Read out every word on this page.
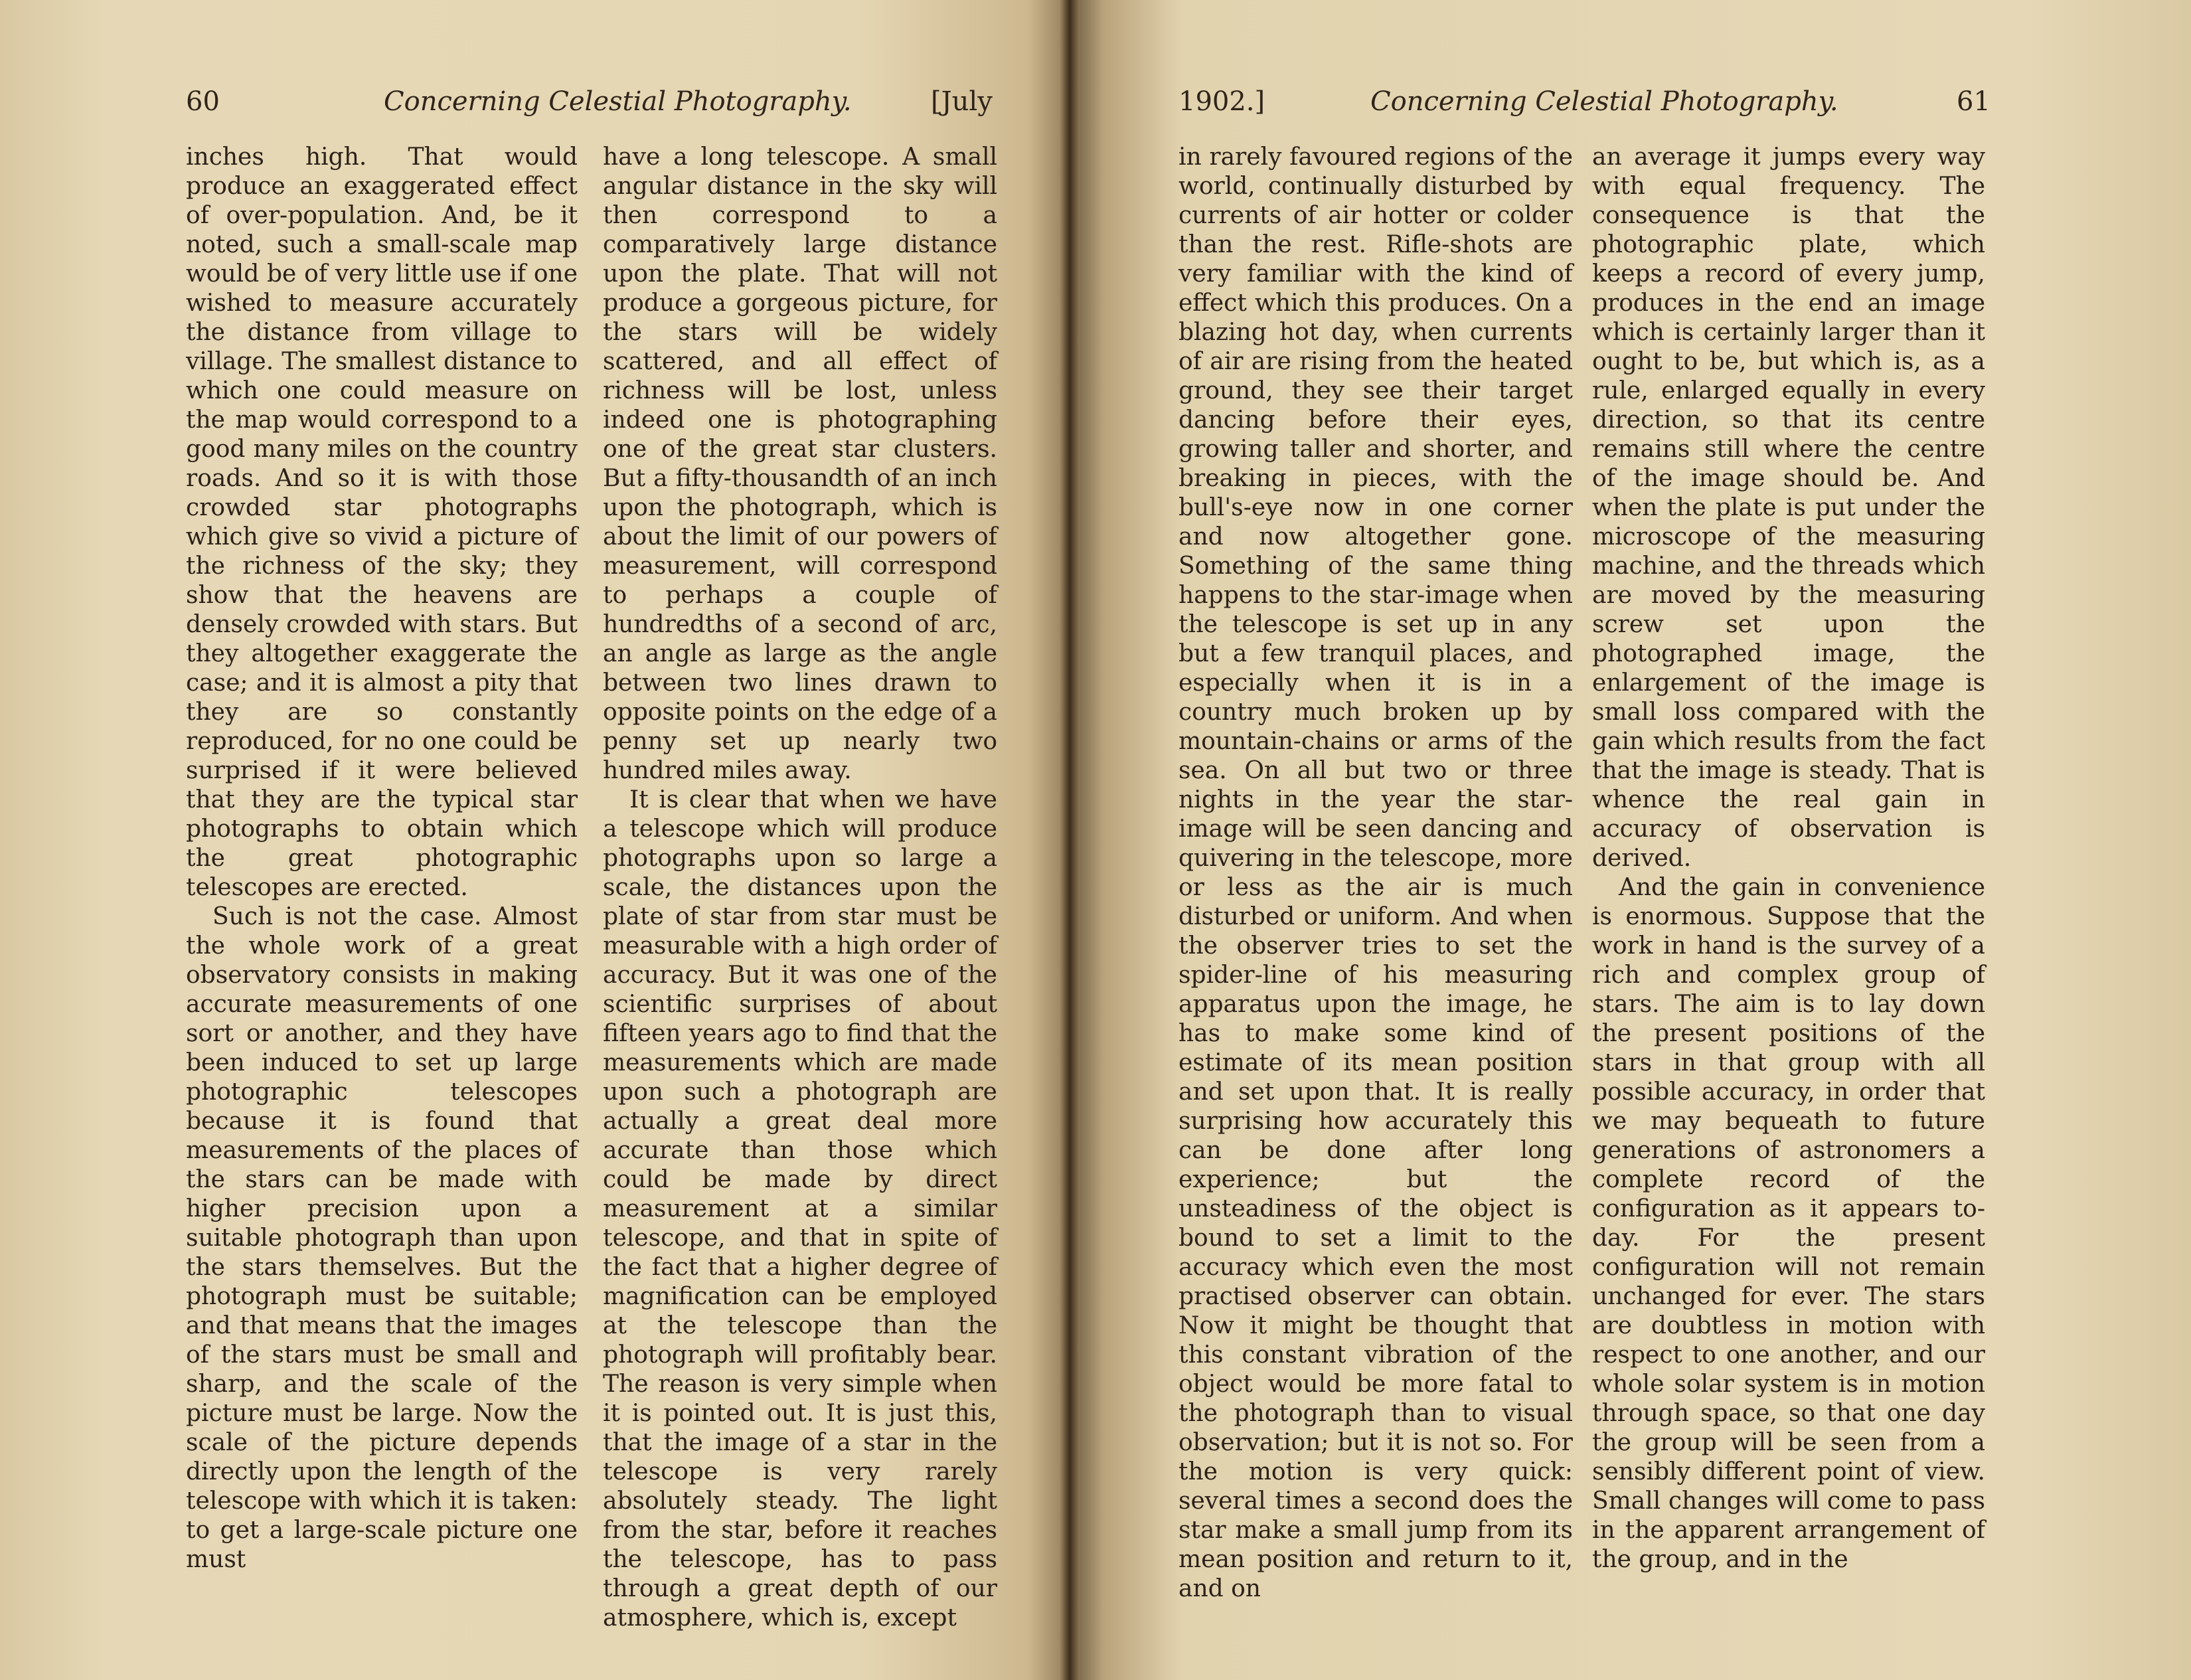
60	Concerning Celestial Photography.	[July

inches high. That would produce an exaggerated effect of over-population. And, be it noted, such a small-scale map would be of very little use if one wished to measure accurately the distance from village to village. The smallest distance to which one could measure on the map would correspond to a good many miles on the country roads. And so it is with those crowded star photographs which give so vivid a picture of the richness of the sky; they show that the heavens are densely crowded with stars. But they altogether exaggerate the case; and it is almost a pity that they are so constantly reproduced, for no one could be surprised if it were believed that they are the typical star photographs to obtain which the great photographic telescopes are erected.

Such is not the case. Almost the whole work of a great observatory consists in making accurate measurements of one sort or another, and they have been induced to set up large photographic telescopes because it is found that measurements of the places of the stars can be made with higher precision upon a suitable photograph than upon the stars themselves. But the photograph must be suitable; and that means that the images of the stars must be small and sharp, and the scale of the picture must be large. Now the scale of the picture depends directly upon the length of the telescope with which it is taken: to get a large-scale picture one must

have a long telescope. A small angular distance in the sky will then correspond to a comparatively large distance upon the plate. That will not produce a gorgeous picture, for the stars will be widely scattered, and all effect of richness will be lost, unless indeed one is photographing one of the great star clusters. But a fifty-thousandth of an inch upon the photograph, which is about the limit of our powers of measurement, will correspond to perhaps a couple of hundredths of a second of arc, an angle as large as the angle between two lines drawn to opposite points on the edge of a penny set up nearly two hundred miles away.

It is clear that when we have a telescope which will produce photographs upon so large a scale, the distances upon the plate of star from star must be measurable with a high order of accuracy. But it was one of the scientific surprises of about fifteen years ago to find that the measurements which are made upon such a photograph are actually a great deal more accurate than those which could be made by direct measurement at a similar telescope, and that in spite of the fact that a higher degree of magnification can be employed at the telescope than the photograph will profitably bear. The reason is very simple when it is pointed out. It is just this, that the image of a star in the telescope is very rarely absolutely steady. The light from the star, before it reaches the telescope, has to pass through a great depth of our atmosphere, which is, except

1902.]	Concerning Celestial Photography.	61

in rarely favoured regions of the world, continually disturbed by currents of air hotter or colder than the rest. Rifle-shots are very familiar with the kind of effect which this produces. On a blazing hot day, when currents of air are rising from the heated ground, they see their target dancing before their eyes, growing taller and shorter, and breaking in pieces, with the bull's-eye now in one corner and now altogether gone. Something of the same thing happens to the star-image when the telescope is set up in any but a few tranquil places, and especially when it is in a country much broken up by mountain-chains or arms of the sea. On all but two or three nights in the year the star-image will be seen dancing and quivering in the telescope, more or less as the air is much disturbed or uniform. And when the observer tries to set the spider-line of his measuring apparatus upon the image, he has to make some kind of estimate of its mean position and set upon that. It is really surprising how accurately this can be done after long experience; but the unsteadiness of the object is bound to set a limit to the accuracy which even the most practised observer can obtain. Now it might be thought that this constant vibration of the object would be more fatal to the photograph than to visual observation; but it is not so. For the motion is very quick: several times a second does the star make a small jump from its mean position and return to it, and on

an average it jumps every way with equal frequency. The consequence is that the photographic plate, which keeps a record of every jump, produces in the end an image which is certainly larger than it ought to be, but which is, as a rule, enlarged equally in every direction, so that its centre remains still where the centre of the image should be. And when the plate is put under the microscope of the measuring machine, and the threads which are moved by the measuring screw set upon the photographed image, the enlargement of the image is small loss compared with the gain which results from the fact that the image is steady. That is whence the real gain in accuracy of observation is derived.

And the gain in convenience is enormous. Suppose that the work in hand is the survey of a rich and complex group of stars. The aim is to lay down the present positions of the stars in that group with all possible accuracy, in order that we may bequeath to future generations of astronomers a complete record of the configuration as it appears to-day. For the present configuration will not remain unchanged for ever. The stars are doubtless in motion with respect to one another, and our whole solar system is in motion through space, so that one day the group will be seen from a sensibly different point of view. Small changes will come to pass in the apparent arrangement of the group, and in the
